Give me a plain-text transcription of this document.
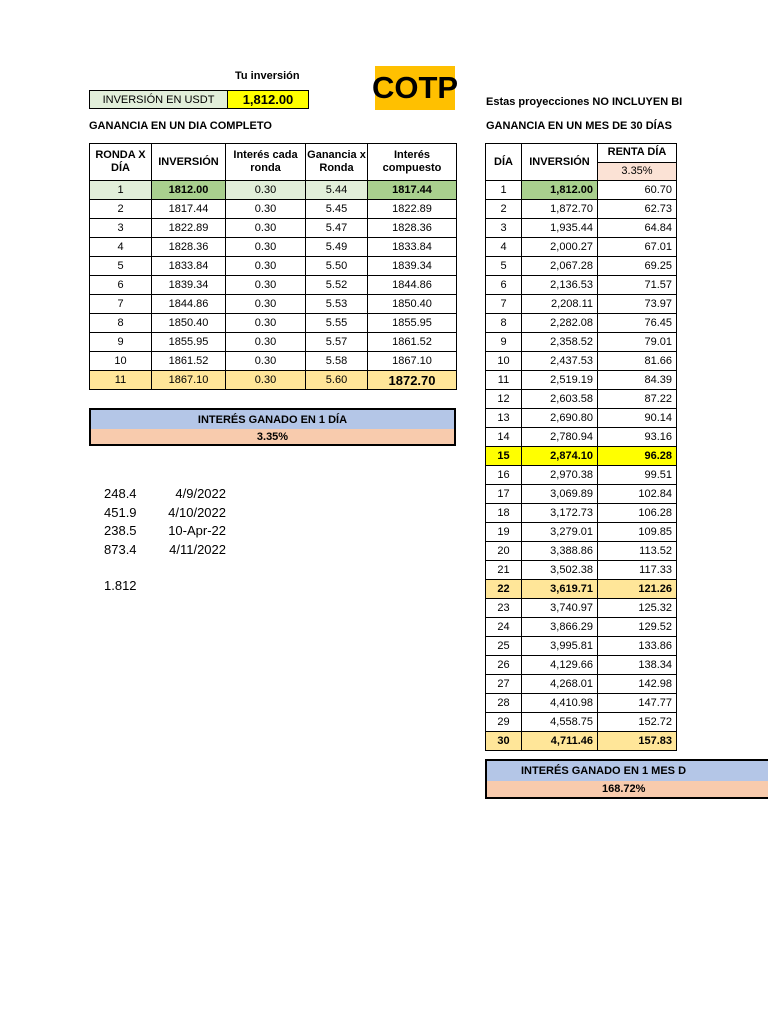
Tu inversión
INVERSIÓN EN USDT	1,812.00	COTP	Estas proyecciones NO INCLUYEN BI
GANANCIA EN UN DIA COMPLETO	GANANCIA EN UN MES DE 30 DÍAS
RONDA X DÍA	INVERSIÓN	Interés cada ronda	Ganancia x Ronda	Interés compuesto
1	1812.00	0.30	5.44	1817.44
2	1817.44	0.30	5.45	1822.89
3	1822.89	0.30	5.47	1828.36
4	1828.36	0.30	5.49	1833.84
5	1833.84	0.30	5.50	1839.34
6	1839.34	0.30	5.52	1844.86
7	1844.86	0.30	5.53	1850.40
8	1850.40	0.30	5.55	1855.95
9	1855.95	0.30	5.57	1861.52
10	1861.52	0.30	5.58	1867.10
11	1867.10	0.30	5.60	1872.70
INTERÉS GANADO EN 1 DÍA
3.35%
248.4	4/9/2022
451.9 4/10/2022
238.5 10-Apr-22
873.4	4/11/2022
1.812
DÍA	INVERSIÓN	RENTA DÍA
3.35%

1	1,812.00	60.70
2	1,872.70	62.73
3	1,935.44	64.84
4	2,000.27	67.01
5	2,067.28	69.25
6	2,136.53	71.57
7	2,208.11	73.97
8	2,282.08	76.45
9	2,358.52	79.01
10	2,437.53	81.66
11	2,519.19	84.39
12	2,603.58	87.22
13	2,690.80	90.14
14	2,780.94	93.16
15	2,874.10	96.28
16	2,970.38	99.51
17	3,069.89	102.84
18	3,172.73	106.28
19	3,279.01	109.85
20	3,388.86	113.52
21	3,502.38	117.33
22	3,619.71	121.26
23	3,740.97	125.32
24	3,866.29	129.52
25	3,995.81	133.86
26	4,129.66	138.34
27	4,268.01	142.98
28	4,410.98	147.77
29	4,558.75	152.72
30	4,711.46	157.83
INTERÉS GANADO EN 1 MES D
168.72%
